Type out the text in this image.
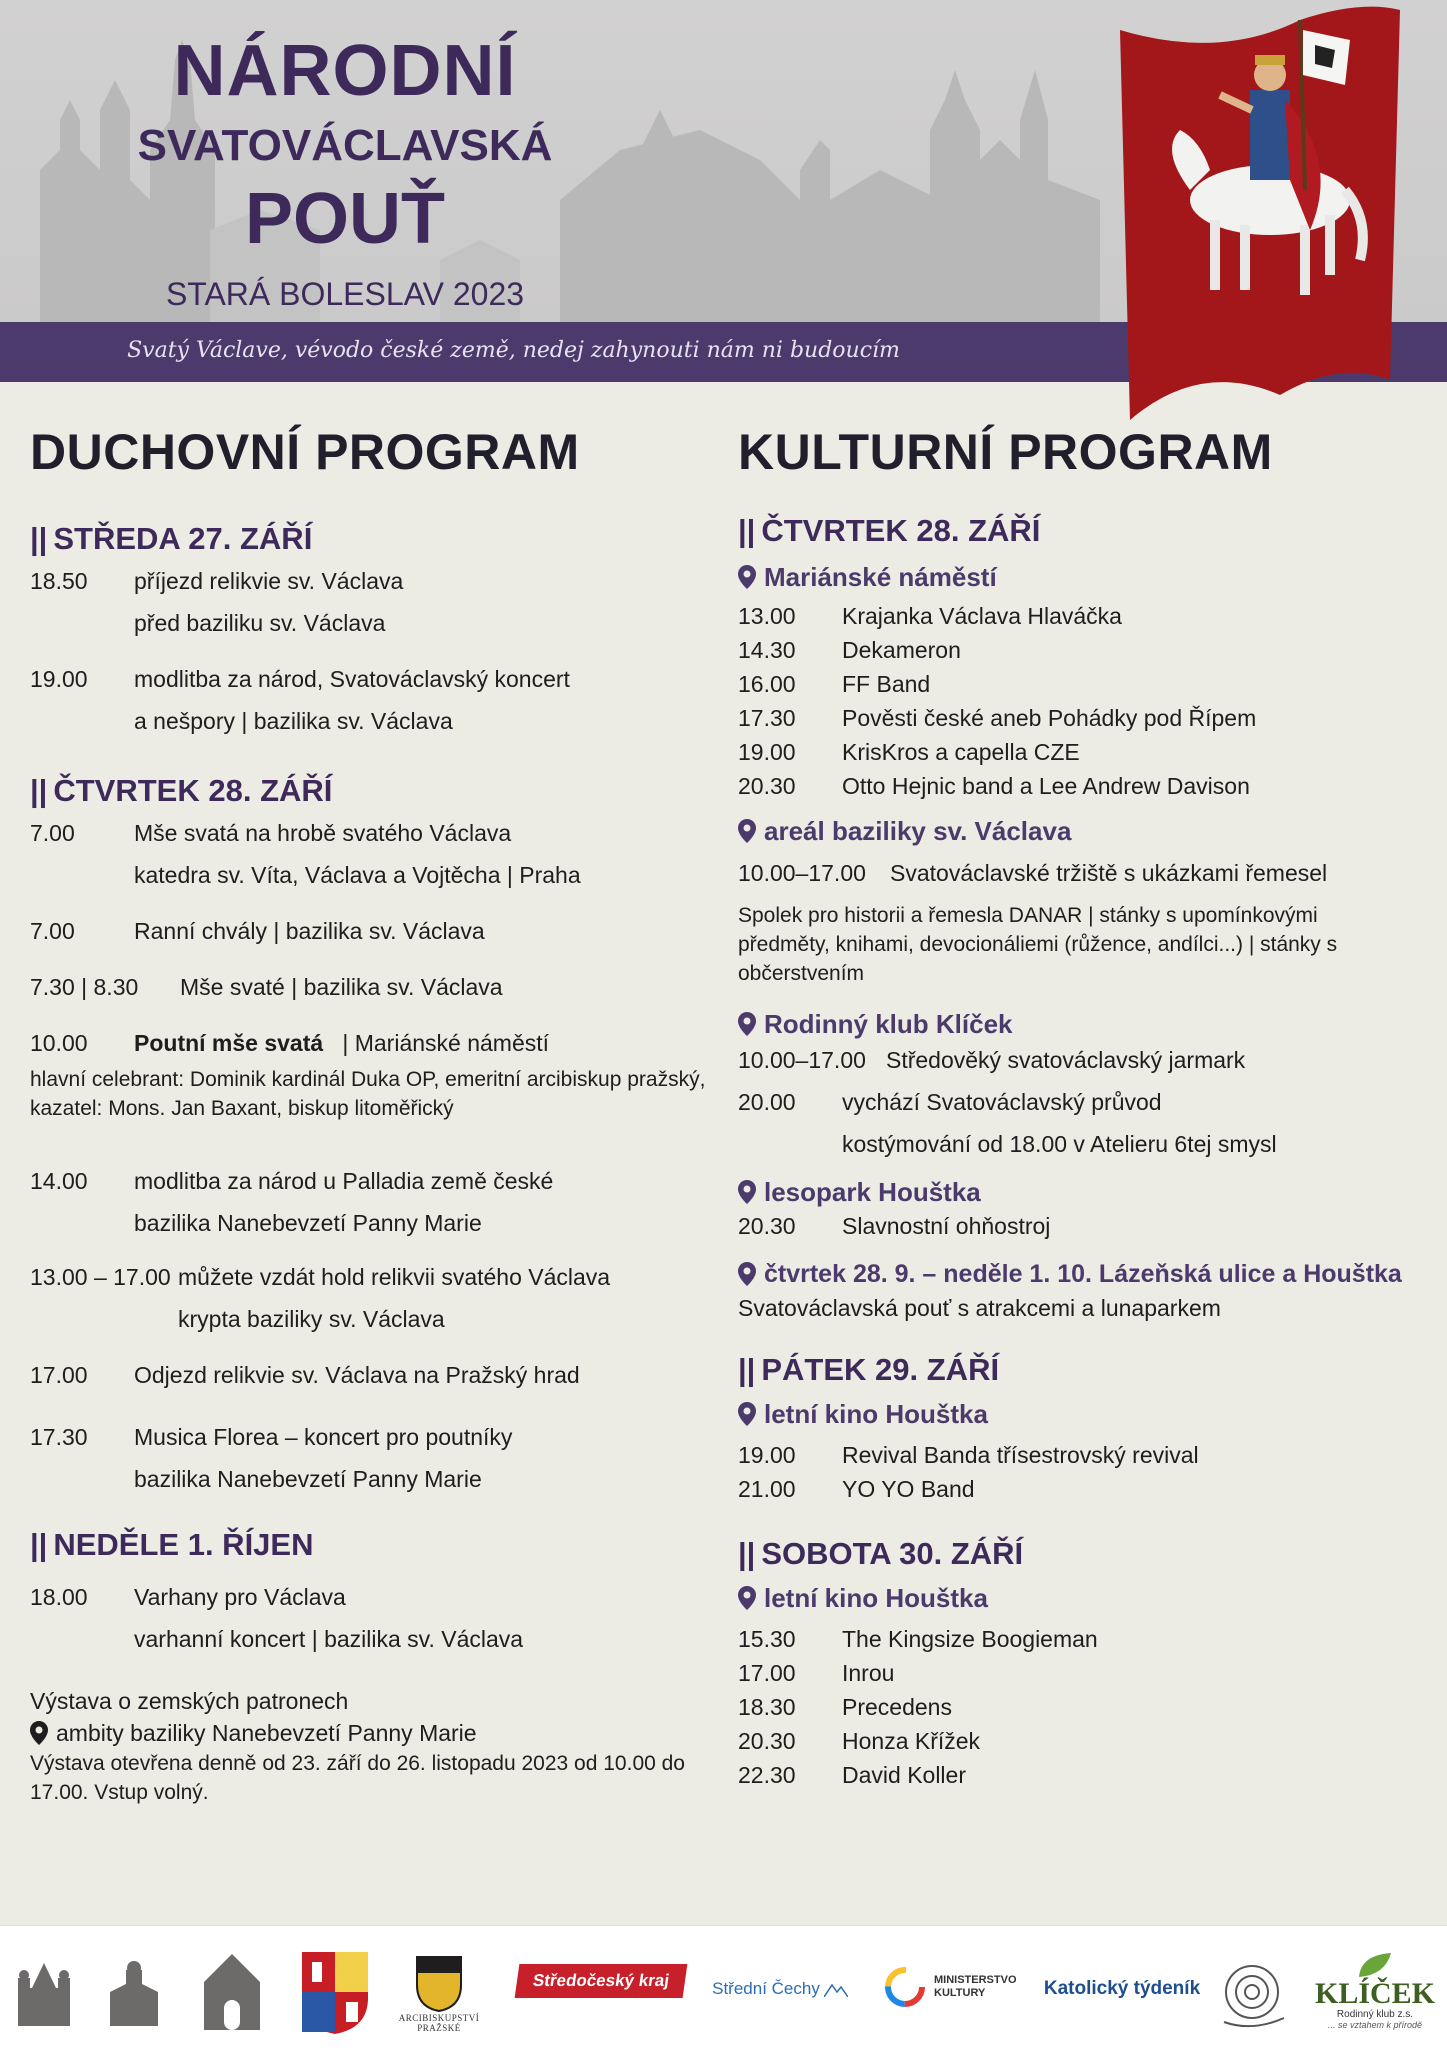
NÁRODNÍ
SVATOVÁCLAVSKÁ
POUŤ
STARÁ BOLESLAV 2023
Svatý Václave, vévodo české země, nedej zahynouti nám ni budoucím
DUCHOVNÍ PROGRAM
|| STŘEDA 27. ZÁŘÍ
18.50	příjezd relikvie sv. Václava
před baziliku sv. Václava
19.00	modlitba za národ, Svatováclavský koncert
a nešpory | bazilika sv. Václava
|| ČTVRTEK 28. ZÁŘÍ
7.00	Mše svatá na hrobě svatého Václava
katedra sv. Víta, Václava a Vojtěcha | Praha
7.00	Ranní chvály | bazilika sv. Václava
7.30 | 8.30	Mše svaté | bazilika sv. Václava
10.00	Poutní mše svatá   | Mariánské náměstí
hlavní celebrant: Dominik kardinál Duka OP, emeritní arcibiskup pražský, kazatel: Mons. Jan Baxant, biskup litoměřický
14.00	modlitba za národ u Palladia země české
bazilika Nanebevzetí Panny Marie
13.00 – 17.00 můžete vzdát hold relikvii svatého Václava
krypta baziliky sv. Václava
17.00	Odjezd relikvie sv. Václava na Pražský hrad
17.30	Musica Florea – koncert pro poutníky
bazilika Nanebevzetí Panny Marie
|| NEDĚLE 1. ŘÍJEN
18.00	Varhany pro Václava
varhanní koncert | bazilika sv. Václava
Výstava o zemských patronech
ambity baziliky Nanebevzetí Panny Marie
Výstava otevřena denně od 23. září do 26. listopadu 2023 od 10.00 do 17.00. Vstup volný.
KULTURNÍ PROGRAM
|| ČTVRTEK 28. ZÁŘÍ
Mariánské náměstí
13.00	Krajanka Václava Hlaváčka
14.30	Dekameron
16.00	FF Band
17.30	Pověsti české aneb Pohádky pod Řípem
19.00	KrisKros a capella CZE
20.30	Otto Hejnic band a Lee Andrew Davison
areál baziliky sv. Václava
10.00–17.00	Svatováclavské tržiště s ukázkami řemesel
Spolek pro historii a řemesla DANAR | stánky s upomínkovými předměty, knihami, devocionáliemi (růžence, andílci...) | stánky s občerstvením
Rodinný klub Klíček
10.00–17.00 Středověký svatováclavský jarmark
20.00	vychází Svatováclavský průvod
kostýmování od 18.00 v Atelieru 6tej smysl
lesopark Houštka
20.30	Slavnostní ohňostroj
čtvrtek 28. 9. – neděle 1. 10. Lázeňská ulice a Houštka
Svatováclavská pouť s atrakcemi a lunaparkem
|| PÁTEK 29. ZÁŘÍ
letní kino Houštka
19.00	Revival Banda třísestrovský revival
21.00	YO YO Band
|| SOBOTA 30. ZÁŘÍ
letní kino Houštka
15.30	The Kingsize Boogieman
17.00	Inrou
18.30	Precedens
20.30	Honza Křížek
22.30	David Koller
ARCIBISKUPSTVÍ PRAŽSKÉ
Středočeský kraj	Střední Čechy	MINISTERSTVO KULTURY	Katolický týdeník	KLÍČEK
Rodinný klub z.s.
... se vztahem k přírodě
